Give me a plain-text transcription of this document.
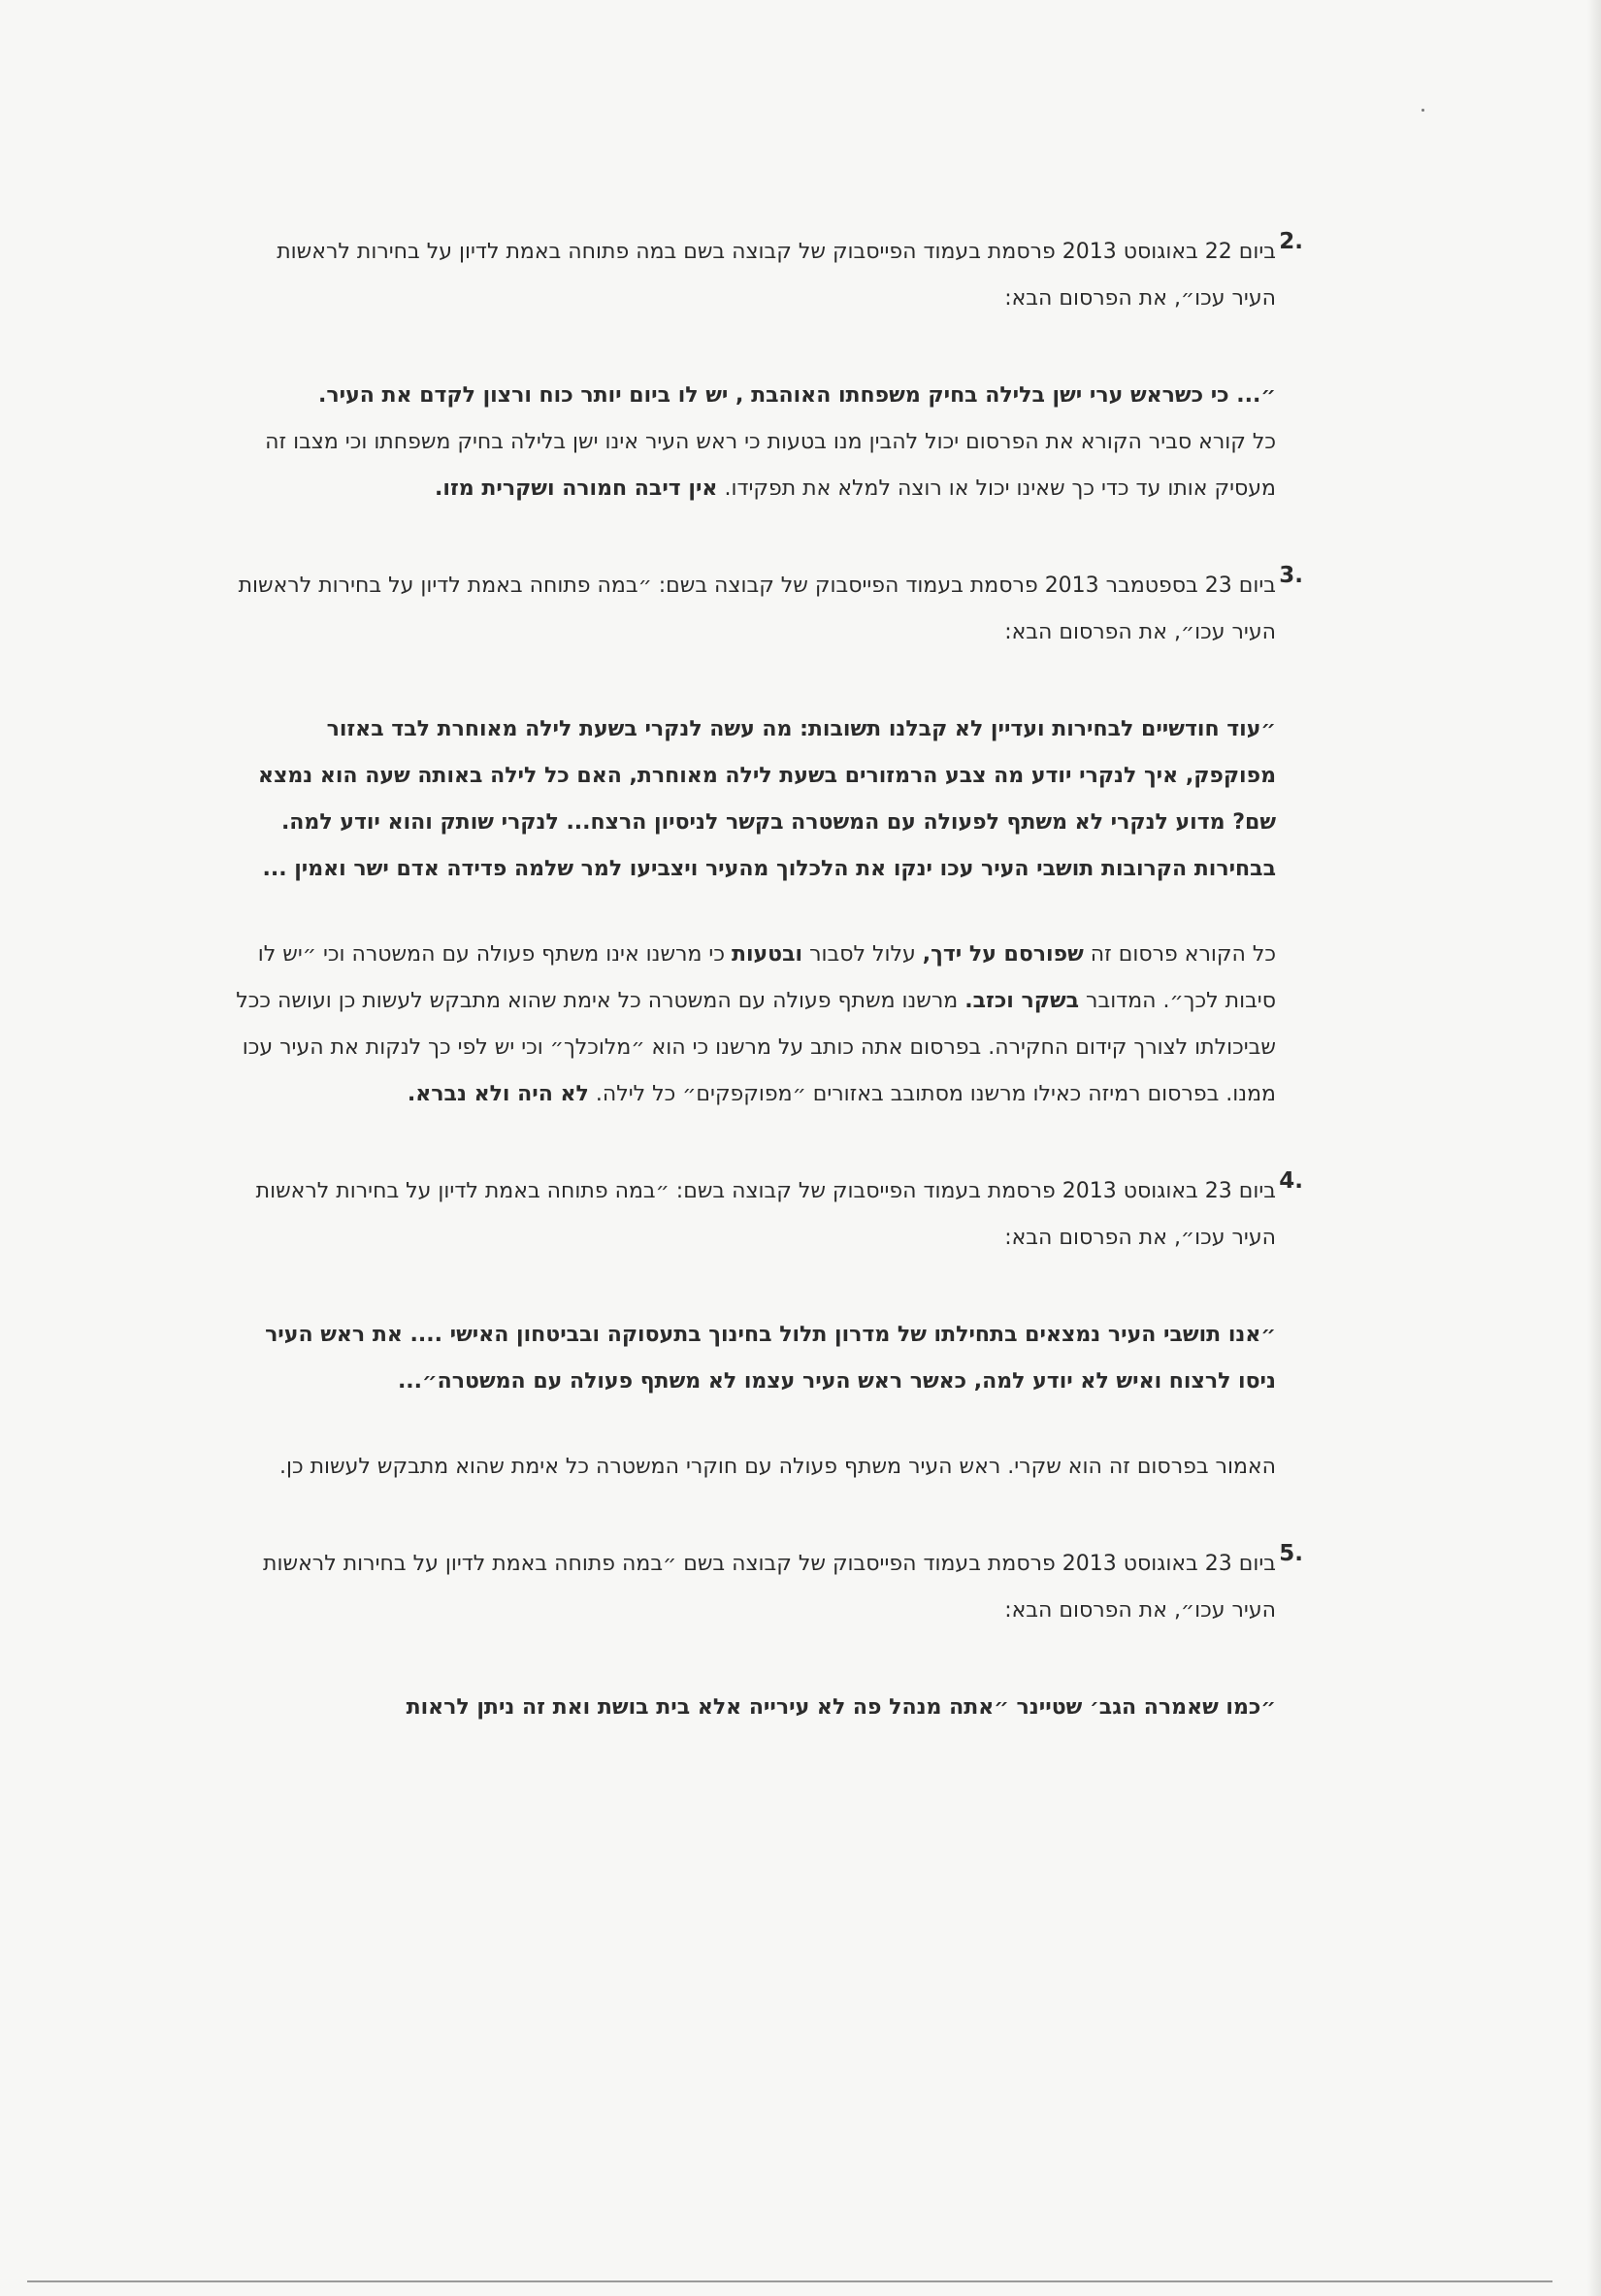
2.

ביום 22 באוגוסט 2013 פרסמת בעמוד הפייסבוק של קבוצה בשם במה פתוחה באמת לדיון על בחירות לראשות העיר עכו״, את הפרסום הבא:

״... כי כשראש ערי ישן בלילה בחיק משפחתו האוהבת , יש לו ביום יותר כוח ורצון לקדם את העיר.

כל קורא סביר הקורא את הפרסום יכול להבין מנו בטעות כי ראש העיר אינו ישן בלילה בחיק משפחתו וכי מצבו זה מעסיק אותו עד כדי כך שאינו יכול או רוצה למלא את תפקידו. אין דיבה חמורה ושקרית מזו.

3.

ביום 23 בספטמבר 2013 פרסמת בעמוד הפייסבוק של קבוצה בשם: ״במה פתוחה באמת לדיון על בחירות לראשות העיר עכו״, את הפרסום הבא:

״עוד חודשיים לבחירות ועדיין לא קבלנו תשובות: מה עשה לנקרי בשעת לילה מאוחרת לבד באזור מפוקפק, איך לנקרי יודע מה צבע הרמזורים בשעת לילה מאוחרת, האם כל לילה באותה שעה הוא נמצא שם? מדוע לנקרי לא משתף לפעולה עם המשטרה בקשר לניסיון הרצח... לנקרי שותק והוא יודע למה. בבחירות הקרובות תושבי העיר עכו ינקו את הלכלוך מהעיר ויצביעו למר שלמה פדידה אדם ישר ואמין ...

כל הקורא פרסום זה שפורסם על ידך, עלול לסבור ובטעות כי מרשנו אינו משתף פעולה עם המשטרה וכי ״יש לו סיבות לכך״. המדובר בשקר וכזב. מרשנו משתף פעולה עם המשטרה כל אימת שהוא מתבקש לעשות כן ועושה ככל שביכולתו לצורך קידום החקירה. בפרסום אתה כותב על מרשנו כי הוא ״מלוכלך״ וכי יש לפי כך לנקות את העיר עכו ממנו. בפרסום רמיזה כאילו מרשנו מסתובב באזורים ״מפוקפקים״ כל לילה. לא היה ולא נברא.

4.

ביום 23 באוגוסט 2013 פרסמת בעמוד הפייסבוק של קבוצה בשם: ״במה פתוחה באמת לדיון על בחירות לראשות העיר עכו״, את הפרסום הבא:

״אנו תושבי העיר נמצאים בתחילתו של מדרון תלול בחינוך בתעסוקה ובביטחון האישי .... את ראש העיר ניסו לרצוח ואיש לא יודע למה, כאשר ראש העיר עצמו לא משתף פעולה עם המשטרה״...

האמור בפרסום זה הוא שקרי. ראש העיר משתף פעולה עם חוקרי המשטרה כל אימת שהוא מתבקש לעשות כן.

5.

ביום 23 באוגוסט 2013 פרסמת בעמוד הפייסבוק של קבוצה בשם ״במה פתוחה באמת לדיון על בחירות לראשות העיר עכו״, את הפרסום הבא:

״כמו שאמרה הגב׳ שטיינר ״אתה מנהל פה לא עירייה אלא בית בושת ואת זה ניתן לראות
